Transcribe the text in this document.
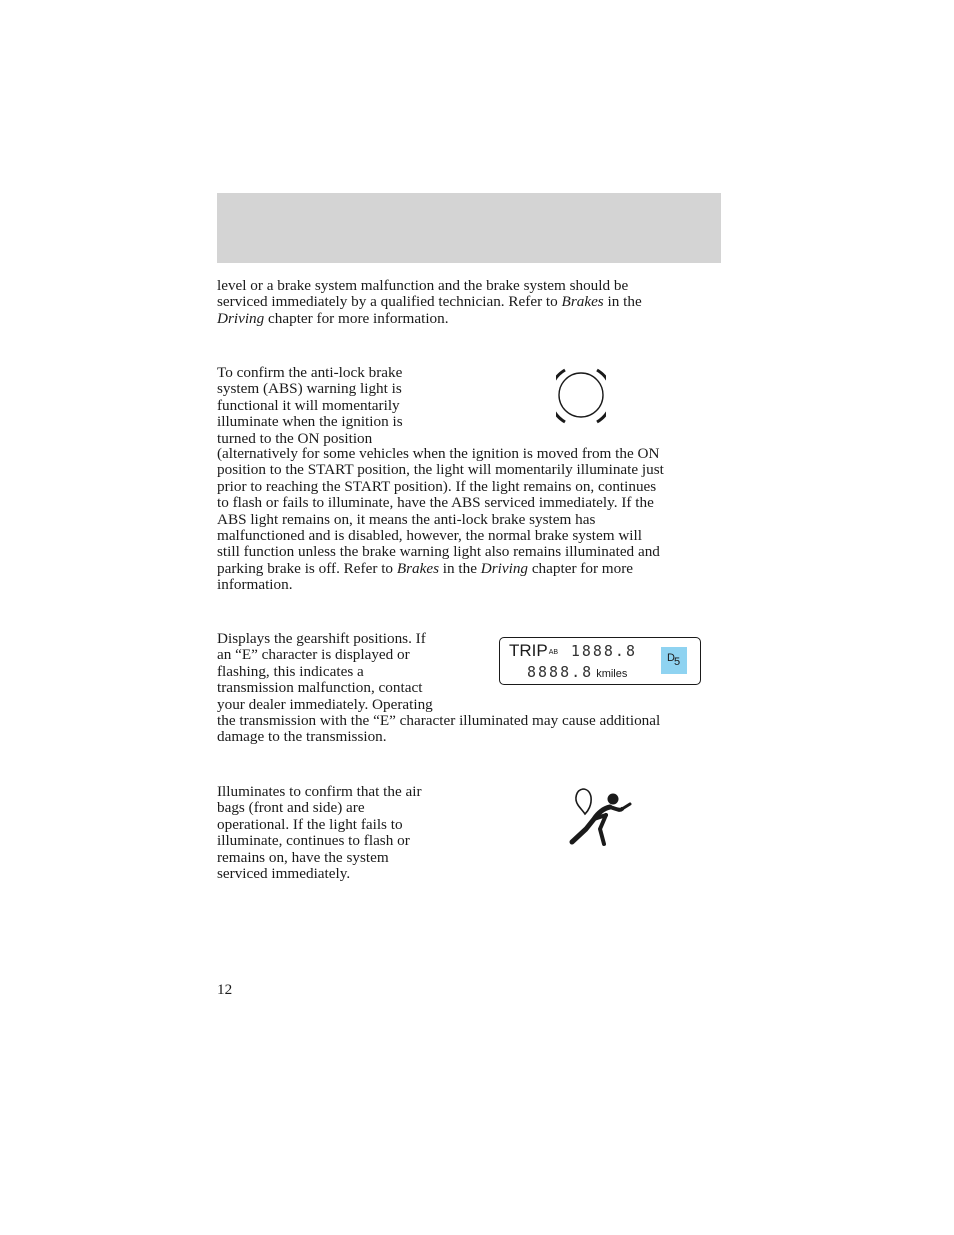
level or a brake system malfunction and the brake system should be
serviced immediately by a qualified technician. Refer to Brakes in the
Driving chapter for more information.
To confirm the anti-lock brake
system (ABS) warning light is
functional it will momentarily
illuminate when the ignition is
turned to the ON position
(alternatively for some vehicles when the ignition is moved from the ON
position to the START position, the light will momentarily illuminate just
prior to reaching the START position). If the light remains on, continues
to flash or fails to illuminate, have the ABS serviced immediately. If the
ABS light remains on, it means the anti-lock brake system has
malfunctioned and is disabled, however, the normal brake system will
still function unless the brake warning light also remains illuminated and
parking brake is off. Refer to Brakes in the Driving chapter for more
information.
Displays the gearshift positions. If
an “E” character is displayed or
flashing, this indicates a
transmission malfunction, contact
your dealer immediately. Operating
the transmission with the “E” character illuminated may cause additional
damage to the transmission.
TRIPAB 1888.8
8888.8 kmiles
D 5
Illuminates to confirm that the air
bags (front and side) are
operational. If the light fails to
illuminate, continues to flash or
remains on, have the system
serviced immediately.
12
